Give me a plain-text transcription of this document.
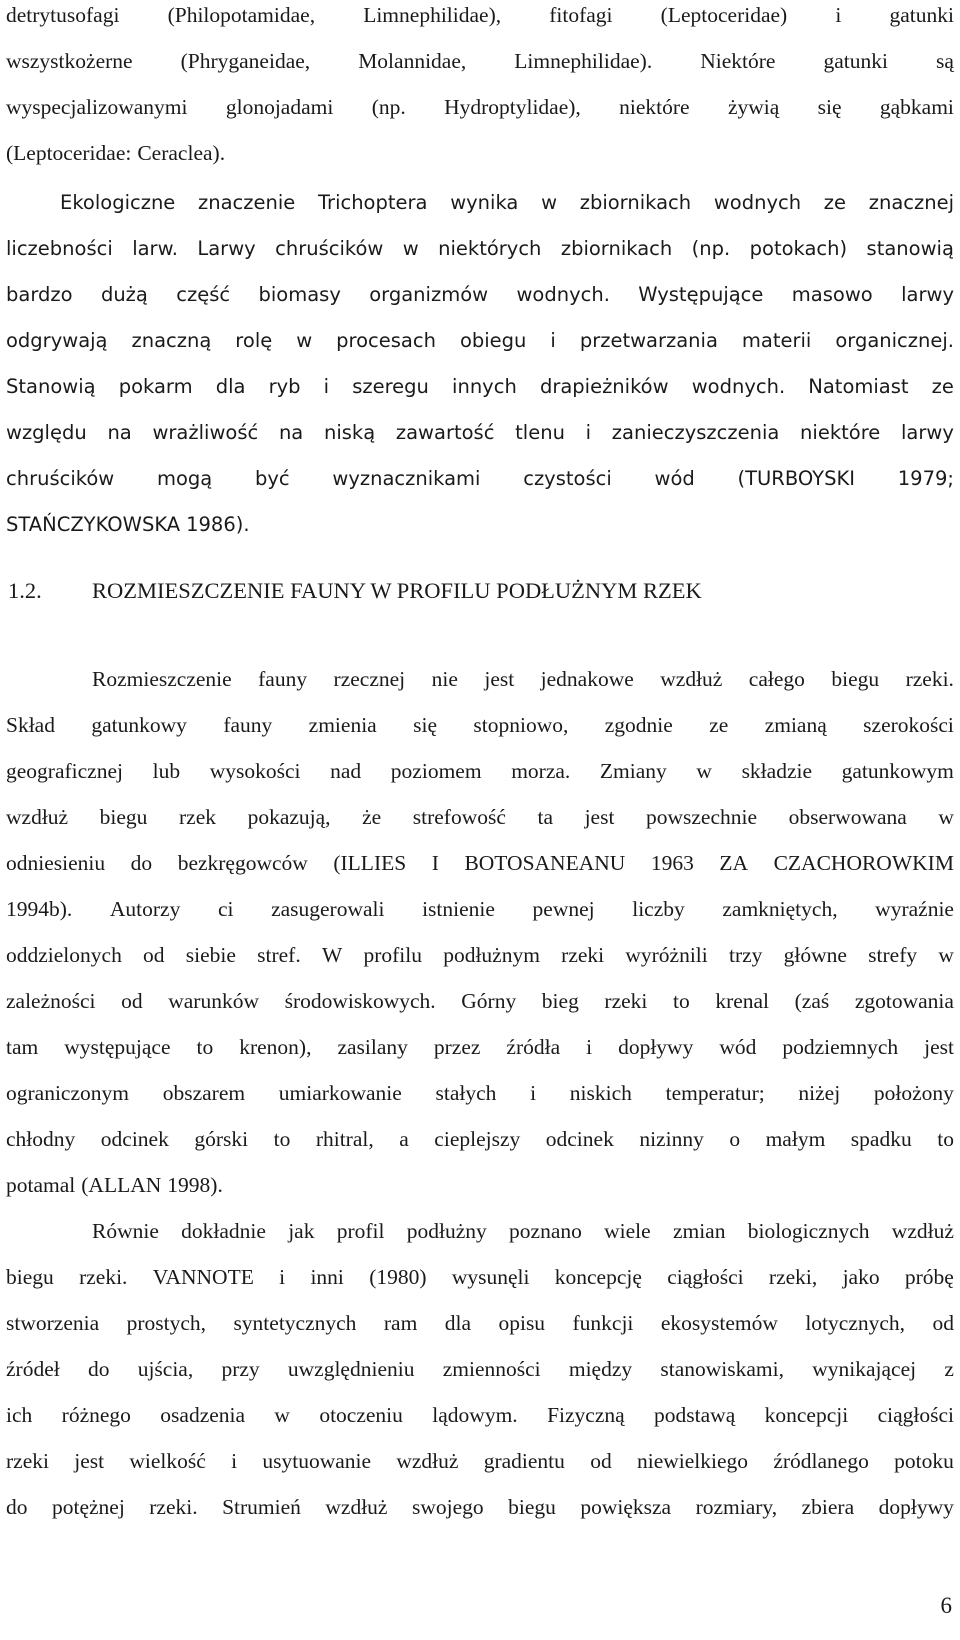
detrytusofagi (Philopotamidae, Limnephilidae), fitofagi (Leptoceridae) i gatunki
wszystkożerne (Phryganeidae, Molannidae, Limnephilidae). Niektóre gatunki są
wyspecjalizowanymi glonojadami (np. Hydroptylidae), niektóre żywią się gąbkami
(Leptoceridae: Ceraclea).
Ekologiczne znaczenie Trichoptera wynika w zbiornikach wodnych ze znacznej
liczebności larw. Larwy chruścików w niektórych zbiornikach (np. potokach) stanowią
bardzo dużą część biomasy organizmów wodnych. Występujące masowo larwy
odgrywają znaczną rolę w procesach obiegu i przetwarzania materii organicznej.
Stanowią pokarm dla ryb i szeregu innych drapieżników wodnych. Natomiast ze
względu na wrażliwość na niską zawartość tlenu i zanieczyszczenia niektóre larwy
chruścików mogą być wyznacznikami czystości wód (TURBOYSKI 1979;
STAŃCZYKOWSKA 1986).
1.2. ROZMIESZCZENIE FAUNY W PROFILU PODŁUŻNYM RZEK
Rozmieszczenie fauny rzecznej nie jest jednakowe wzdłuż całego biegu rzeki.
Skład gatunkowy fauny zmienia się stopniowo, zgodnie ze zmianą szerokości
geograficznej lub wysokości nad poziomem morza. Zmiany w składzie gatunkowym
wzdłuż biegu rzek pokazują, że strefowość ta jest powszechnie obserwowana w
odniesieniu do bezkręgowców (ILLIES I BOTOSANEANU 1963 ZA CZACHOROWKIM
1994b). Autorzy ci zasugerowali istnienie pewnej liczby zamkniętych, wyraźnie
oddzielonych od siebie stref. W profilu podłużnym rzeki wyróżnili trzy główne strefy w
zależności od warunków środowiskowych. Górny bieg rzeki to krenal (zaś zgotowania
tam występujące to krenon), zasilany przez źródła i dopływy wód podziemnych jest
ograniczonym obszarem umiarkowanie stałych i niskich temperatur; niżej położony
chłodny odcinek górski to rhitral, a cieplejszy odcinek nizinny o małym spadku to
potamal (ALLAN 1998).
Równie dokładnie jak profil podłużny poznano wiele zmian biologicznych wzdłuż
biegu rzeki. VANNOTE i inni (1980) wysunęli koncepcję ciągłości rzeki, jako próbę
stworzenia prostych, syntetycznych ram dla opisu funkcji ekosystemów lotycznych, od
źródeł do ujścia, przy uwzględnieniu zmienności między stanowiskami, wynikającej z
ich różnego osadzenia w otoczeniu lądowym. Fizyczną podstawą koncepcji ciągłości
rzeki jest wielkość i usytuowanie wzdłuż gradientu od niewielkiego źródlanego potoku
do potężnej rzeki. Strumień wzdłuż swojego biegu powiększa rozmiary, zbiera dopływy
6
